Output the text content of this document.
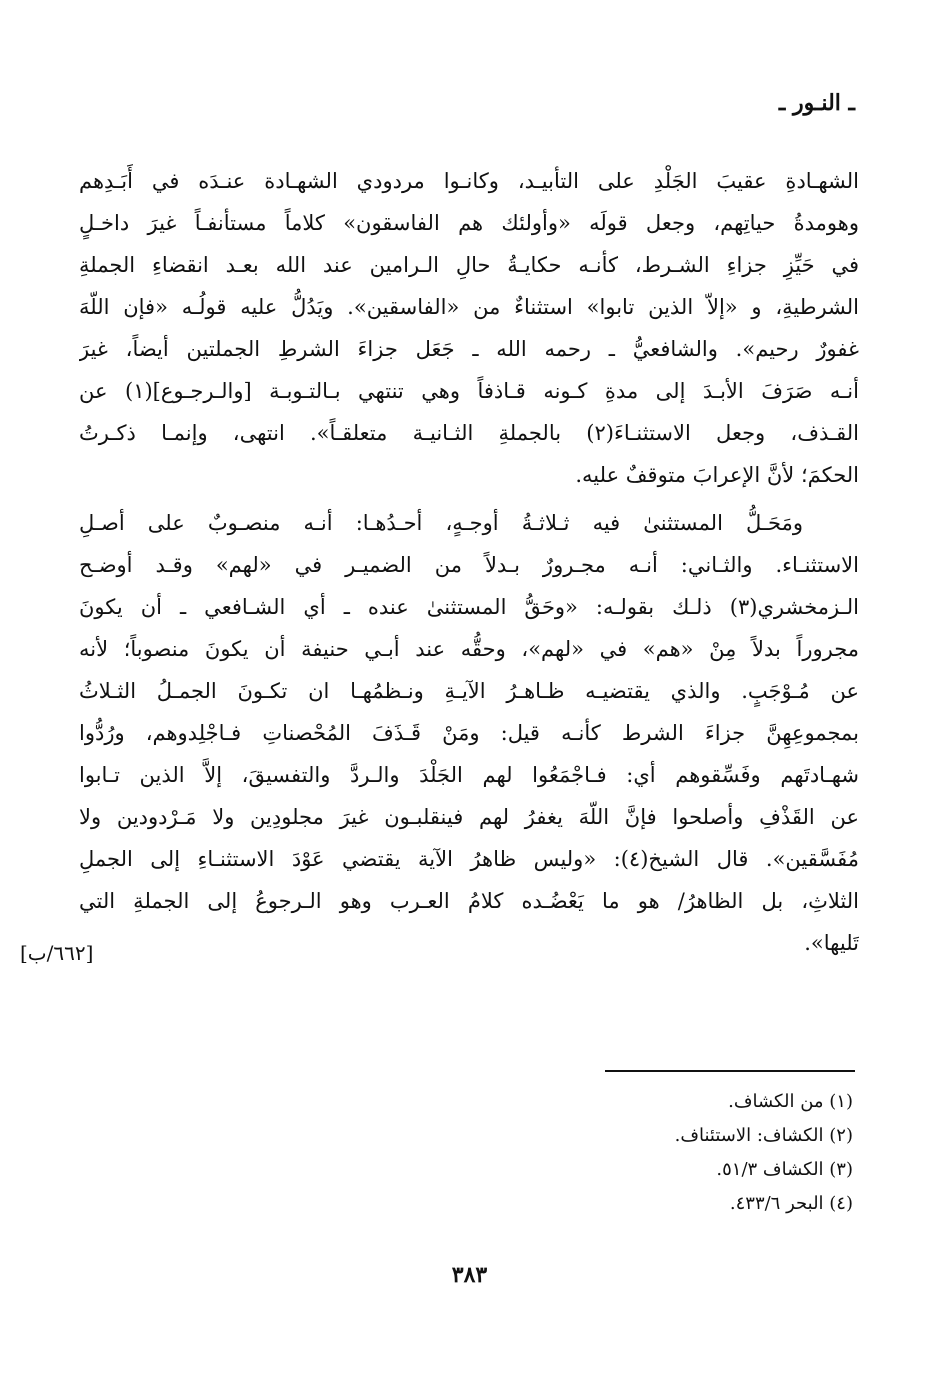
ـ النـور ـ
الشهـادةِ عقيبَ الجَلْدِ على التأبيـد، وكانـوا مردودي الشهـادة عنـدَه في أَبَـدِهم
وهومدةُ حياتِهم، وجعل قولَه «وأولئك هم الفاسقون» كلاماً مستأنفـاً غيرَ داخـلٍ
في حَيِّزِ جزاءِ الشـرط، كأنـه حكايـةُ حالِ الـرامين عند الله بعـد انقضاءِ الجملةِ
الشرطيةِ، و «إلاّ الذين تابوا» استثناءٌ من «الفاسقين». ويَدُلُّ عليه قولُـه «فإن اللّهَ
غفورٌ رحيم». والشافعيُّ ـ رحمه الله ـ جَعَل جزاءَ الشرطِ الجملتين أيضاً، غيرَ
أنـه صَرَفَ الأبـدَ إلى مدةِ كـونه قـاذفاً وهي تنتهي بـالتـوبـة [والـرجـوع](١) عن
القـذف، وجعل الاستثنـاءَ(٢) بالجملةِ الثـانيـة متعلقـاً». انتهى، وإنمـا ذكـرتُ
الحكمَ؛ لأنَّ الإعرابَ متوقفٌ عليه.
ومَحَـلُّ المستثنىٰ فيه ثـلاثـةُ أوجـهٍ، أحـدُهـا: أنـه منصـوبٌ على أصـلِ
الاستثنـاء. والثـاني: أنـه مجـرورٌ بـدلاً من الضميـر في «لهم» وقـد أوضـح
الـزمخشري(٣) ذلـك بقولـه: «وحَقُّ المستثنىٰ عنده ـ أي الشـافعي ـ أن يكونَ
مجروراً بدلاً مِنْ «هم» في «لهم»، وحقُّه عند أبـي حنيفة أن يكونَ منصوباً؛ لأنه
عن مُـوْجَبٍ. والذي يقتضيـه ظـاهـرُ الآيـةِ ونـظمُهـا ان تكـونَ الجمـلُ الثـلاثُ
بمجموعِهِنَّ جزاءَ الشرط كأنـه قيل: ومَنْ قَـذَفَ المُحْصناتِ فـاجْلِدوهم، ورُدُّوا
شهـادتَهم وفَسِّقوهم أي: فـاجْمَعُوا لهم الجَلْدَ والـردَّ والتفسيقَ، إلاَّ الذين تـابوا
عن القَذْفِ وأصلحوا فإنَّ اللّهَ يغفرُ لهم فينقلبـون غيرَ مجلودِين ولا مَـرْدودين ولا
مُفَسَّقين». قال الشيخ(٤): «وليس ظاهرُ الآية يقتضي عَوْدَ الاستثنـاءِ إلى الجملِ
الثلاثِ، بل الظاهرُ/ هو ما يَعْضُـده كلامُ العـرب وهو الـرجوعُ إلى الجملةِ التي
تَليها».
[٦٦٢/ب]
(١) من الكشاف.
(٢) الكشاف: الاستئناف.
(٣) الكشاف ٥١/٣.
(٤) البحر ٤٣٣/٦.
٣٨٣
